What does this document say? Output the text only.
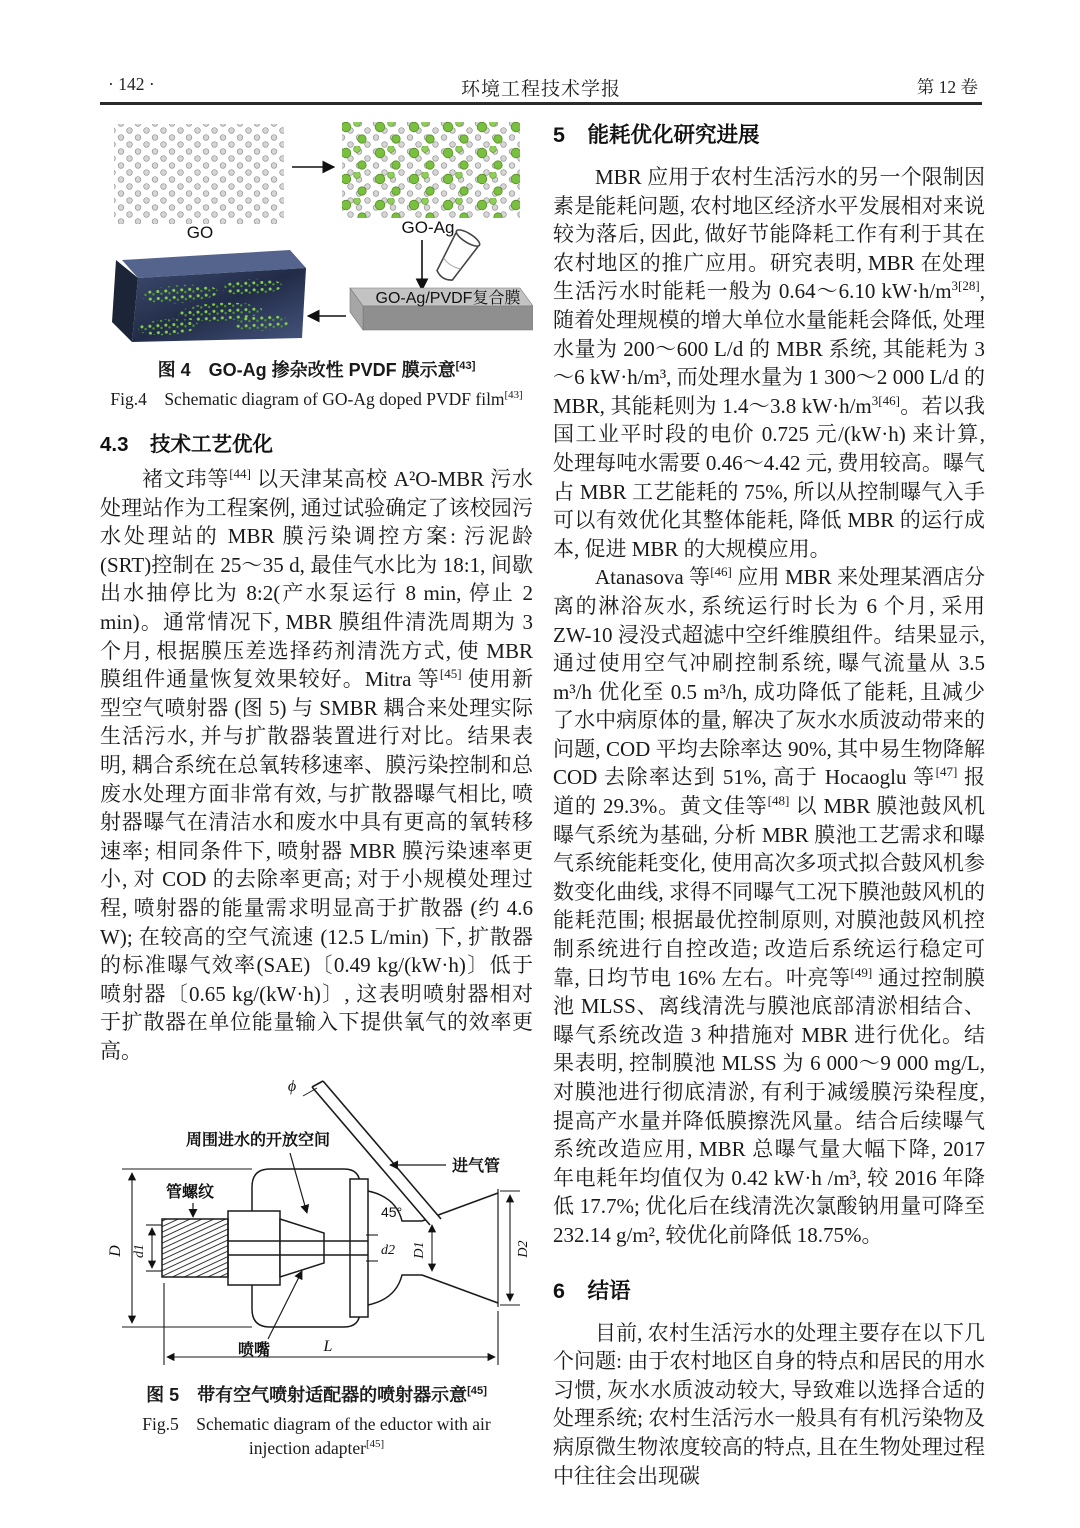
· 142 ·	环境工程技术学报	第 12 卷
GO	GO-Ag
GO-Ag/PVDF复合膜
图 4　GO-Ag 掺杂改性 PVDF 膜示意[43]
Fig.4　Schematic diagram of GO-Ag doped PVDF film[43]
4.3 技术工艺优化

褚文玮等[44] 以天津某高校 A²O-MBR 污水处理站作为工程案例, 通过试验确定了该校园污水处理站的 MBR 膜污染调控方案: 污泥龄(SRT)控制在 25～35 d, 最佳气水比为 18:1, 间歇出水抽停比为 8:2(产水泵运行 8 min, 停止 2 min)。通常情况下, MBR 膜组件清洗周期为 3 个月, 根据膜压差选择药剂清洗方式, 使 MBR 膜组件通量恢复效果较好。Mitra 等[45] 使用新型空气喷射器 (图 5) 与 SMBR 耦合来处理实际生活污水, 并与扩散器装置进行对比。结果表明, 耦合系统在总氧转移速率、膜污染控制和总废水处理方面非常有效, 与扩散器曝气相比, 喷射器曝气在清洁水和废水中具有更高的氧转移速率; 相同条件下, 喷射器 MBR 膜污染速率更小, 对 COD 的去除率更高; 对于小规模处理过程, 喷射器的能量需求明显高于扩散器 (约 4.6 W); 在较高的空气流速 (12.5 L/min) 下, 扩散器的标准曝气效率(SAE)〔0.49 kg/(kW·h)〕低于喷射器〔0.65 kg/(kW·h)〕, 这表明喷射器相对于扩散器在单位能量输入下提供氧气的效率更高。

ϕ
周围进水的开放空间
进气管
管螺纹
喷嘴
45°
D d1	d2 D1	D2
L
图 5　带有空气喷射适配器的喷射器示意[45]
Fig.5　Schematic diagram of the eductor with air
injection adapter[45]
5 能耗优化研究进展

MBR 应用于农村生活污水的另一个限制因素是能耗问题, 农村地区经济水平发展相对来说较为落后, 因此, 做好节能降耗工作有利于其在农村地区的推广应用。研究表明, MBR 在处理生活污水时能耗一般为 0.64～6.10 $kW\cdot h/m^{3[28]}$, 随着处理规模的增大单位水量能耗会降低, 处理水量为 200～600 L/d 的 MBR 系统, 其能耗为 3～6 kW·h/m³, 而处理水量为 1 300～2 000 L/d 的 MBR, 其能耗则为 1.4～3.8 $kW\cdot h/m^{3[46]}$。若以我国工业平时段的电价 0.725 元/(kW·h) 来计算, 处理每吨水需要 0.46～4.42 元, 费用较高。曝气占 MBR 工艺能耗的 75%, 所以从控制曝气入手可以有效优化其整体能耗, 降低 MBR 的运行成本, 促进 MBR 的大规模应用。

Atanasova 等[46] 应用 MBR 来处理某酒店分离的淋浴灰水, 系统运行时长为 6 个月, 采用 ZW-10 浸没式超滤中空纤维膜组件。结果显示, 通过使用空气冲刷控制系统, 曝气流量从 3.5 m³/h 优化至 0.5 m³/h, 成功降低了能耗, 且减少了水中病原体的量, 解决了灰水水质波动带来的问题, COD 平均去除率达 90%, 其中易生物降解 COD 去除率达到 51%, 高于 Hocaoglu 等[47] 报道的 29.3%。黄文佳等[48] 以 MBR 膜池鼓风机曝气系统为基础, 分析 MBR 膜池工艺需求和曝气系统能耗变化, 使用高次多项式拟合鼓风机参数变化曲线, 求得不同曝气工况下膜池鼓风机的能耗范围; 根据最优控制原则, 对膜池鼓风机控制系统进行自控改造; 改造后系统运行稳定可靠, 日均节电 16% 左右。叶亮等[49] 通过控制膜池 MLSS、离线清洗与膜池底部清淤相结合、曝气系统改造 3 种措施对 MBR 进行优化。结果表明, 控制膜池 MLSS 为 6 000～9 000 mg/L, 对膜池进行彻底清淤, 有利于减缓膜污染程度, 提高产水量并降低膜擦洗风量。结合后续曝气系统改造应用, MBR 总曝气量大幅下降, 2017 年电耗年均值仅为 0.42 kW·h /m³, 较 2016 年降低 17.7%; 优化后在线清洗次氯酸钠用量可降至 232.14 g/m², 较优化前降低 18.75%。

6 结语

目前, 农村生活污水的处理主要存在以下几个问题: 由于农村地区自身的特点和居民的用水习惯, 灰水水质波动较大, 导致难以选择合适的处理系统; 农村生活污水一般具有有机污染物及病原微生物浓度较高的特点, 且在生物处理过程中往往会出现碳
